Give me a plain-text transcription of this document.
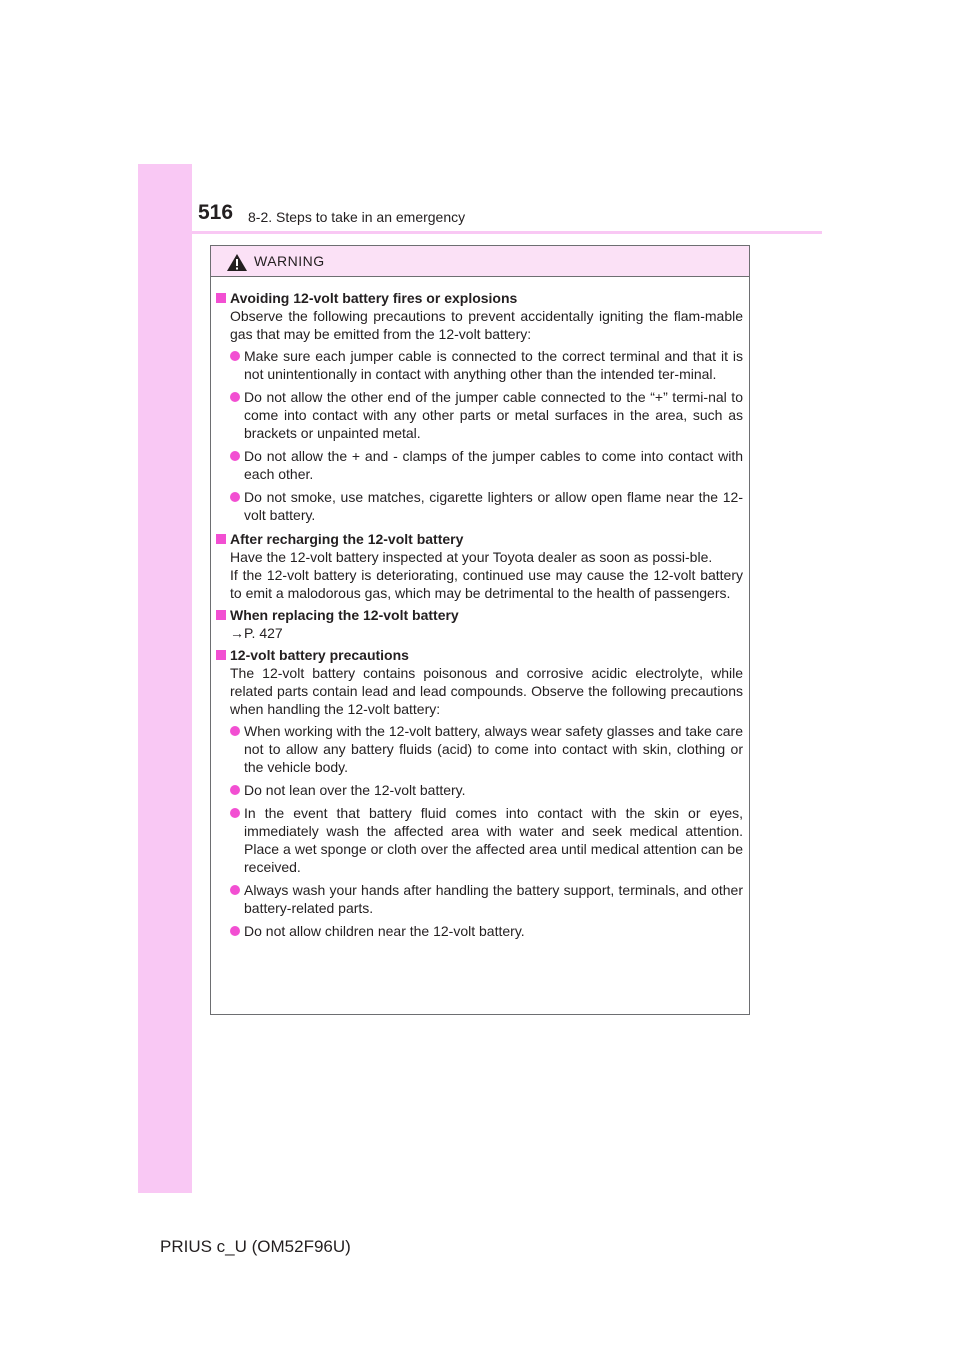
516 8-2. Steps to take in an emergency
WARNING
Avoiding 12-volt battery fires or explosions
Observe the following precautions to prevent accidentally igniting the flam-mable gas that may be emitted from the 12-volt battery:
Make sure each jumper cable is connected to the correct terminal and that it is not unintentionally in contact with anything other than the intended ter-minal.
Do not allow the other end of the jumper cable connected to the “+” termi-nal to come into contact with any other parts or metal surfaces in the area, such as brackets or unpainted metal.
Do not allow the + and - clamps of the jumper cables to come into contact with each other.
Do not smoke, use matches, cigarette lighters or allow open flame near the 12-volt battery.
After recharging the 12-volt battery
Have the 12-volt battery inspected at your Toyota dealer as soon as possi-ble.
If the 12-volt battery is deteriorating, continued use may cause the 12-volt battery to emit a malodorous gas, which may be detrimental to the health of passengers.
When replacing the 12-volt battery
→P. 427
12-volt battery precautions
The 12-volt battery contains poisonous and corrosive acidic electrolyte, while related parts contain lead and lead compounds. Observe the following precautions when handling the 12-volt battery:
When working with the 12-volt battery, always wear safety glasses and take care not to allow any battery fluids (acid) to come into contact with skin, clothing or the vehicle body.
Do not lean over the 12-volt battery.
In the event that battery fluid comes into contact with the skin or eyes, immediately wash the affected area with water and seek medical attention. Place a wet sponge or cloth over the affected area until medical attention can be received.
Always wash your hands after handling the battery support, terminals, and other battery-related parts.
Do not allow children near the 12-volt battery.
PRIUS c_U (OM52F96U)
